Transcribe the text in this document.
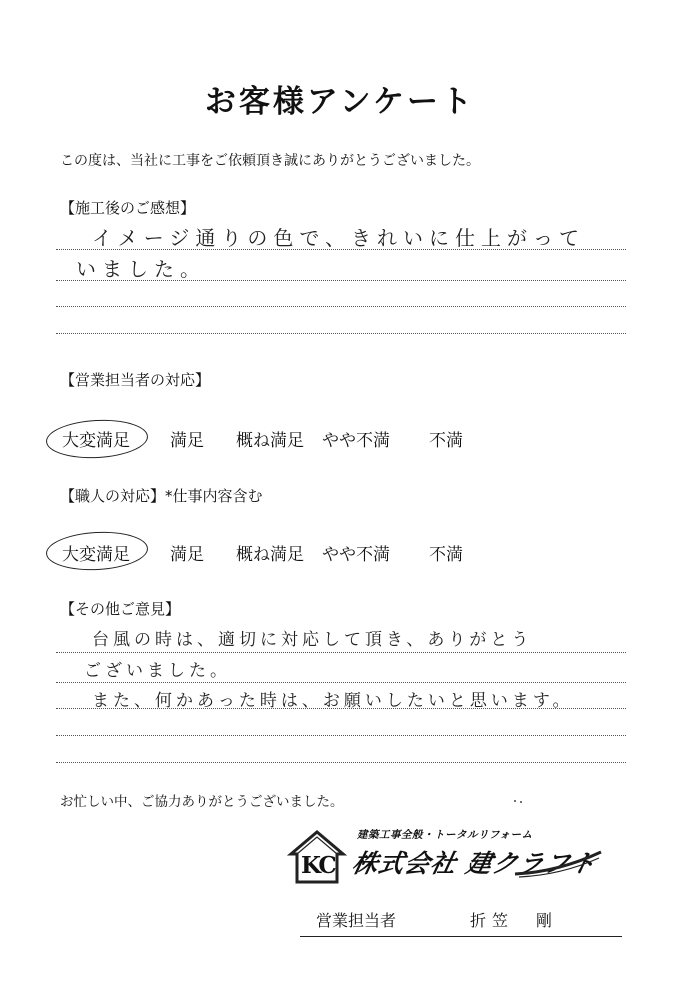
お客様アンケート
この度は、当社に工事をご依頼頂き誠にありがとうございました。
【施工後のご感想】
イメージ通りの色で、きれいに仕上がって
いました。
【営業担当者の対応】
大変満足 満足 概ね満足 やや不満 不満
【職人の対応】*仕事内容含む
大変満足 満足 概ね満足 やや不満 不満
【その他ご意見】
台風の時は、適切に対応して頂き、ありがとう
ございました。
また、何かあった時は、お願いしたいと思います。
お忙しい中、ご協力ありがとうございました。
KC
建築工事全般・トータルリフォーム
株式会社 建クラフト
営業担当者	折笠　剛
